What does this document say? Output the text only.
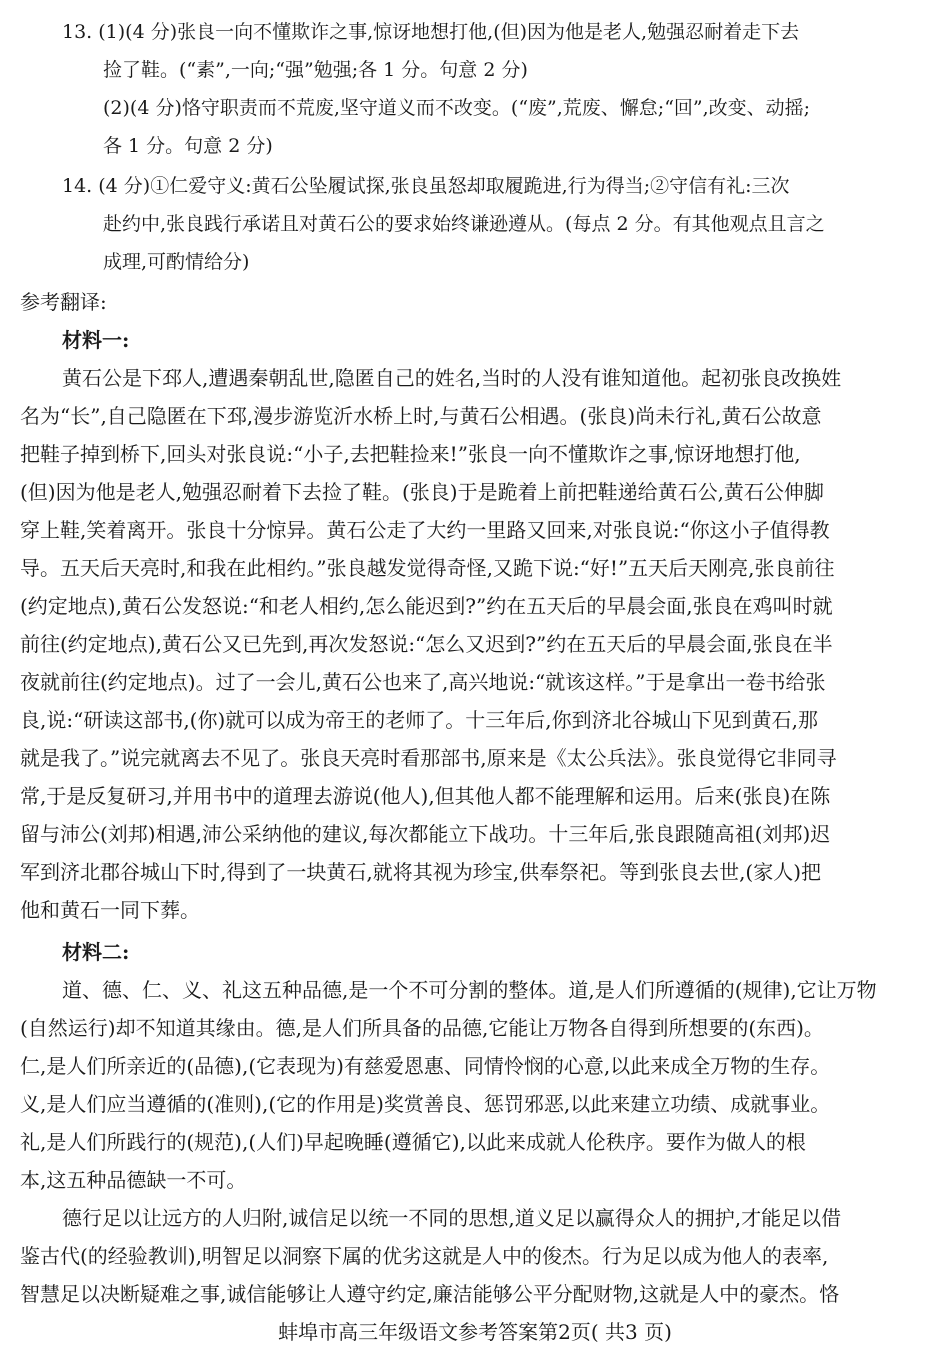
13. (1)(4 分)张良一向不懂欺诈之事,惊讶地想打他,(但)因为他是老人,勉强忍耐着走下去
捡了鞋。(“素”,一向;“强”勉强;各 1 分。句意 2 分)
(2)(4 分)恪守职责而不荒废,坚守道义而不改变。(“废”,荒废、懈怠;“回”,改变、动摇;
各 1 分。句意 2 分)
14. (4 分)①仁爱守义:黄石公坠履试探,张良虽怒却取履跪进,行为得当;②守信有礼:三次
赴约中,张良践行承诺且对黄石公的要求始终谦逊遵从。(每点 2 分。有其他观点且言之
成理,可酌情给分)
参考翻译:
材料一:
黄石公是下邳人,遭遇秦朝乱世,隐匿自己的姓名,当时的人没有谁知道他。起初张良改换姓
名为“长”,自己隐匿在下邳,漫步游览沂水桥上时,与黄石公相遇。(张良)尚未行礼,黄石公故意
把鞋子掉到桥下,回头对张良说:“小子,去把鞋捡来!”张良一向不懂欺诈之事,惊讶地想打他,
(但)因为他是老人,勉强忍耐着下去捡了鞋。(张良)于是跪着上前把鞋递给黄石公,黄石公伸脚
穿上鞋,笑着离开。张良十分惊异。黄石公走了大约一里路又回来,对张良说:“你这小子值得教
导。五天后天亮时,和我在此相约。”张良越发觉得奇怪,又跪下说:“好!”五天后天刚亮,张良前往
(约定地点),黄石公发怒说:“和老人相约,怎么能迟到?”约在五天后的早晨会面,张良在鸡叫时就
前往(约定地点),黄石公又已先到,再次发怒说:“怎么又迟到?”约在五天后的早晨会面,张良在半
夜就前往(约定地点)。过了一会儿,黄石公也来了,高兴地说:“就该这样。”于是拿出一卷书给张
良,说:“研读这部书,(你)就可以成为帝王的老师了。十三年后,你到济北谷城山下见到黄石,那
就是我了。”说完就离去不见了。张良天亮时看那部书,原来是《太公兵法》。张良觉得它非同寻
常,于是反复研习,并用书中的道理去游说(他人),但其他人都不能理解和运用。后来(张良)在陈
留与沛公(刘邦)相遇,沛公采纳他的建议,每次都能立下战功。十三年后,张良跟随高祖(刘邦)迟
军到济北郡谷城山下时,得到了一块黄石,就将其视为珍宝,供奉祭祀。等到张良去世,(家人)把
他和黄石一同下葬。
材料二:
道、德、仁、义、礼这五种品德,是一个不可分割的整体。道,是人们所遵循的(规律),它让万物
(自然运行)却不知道其缘由。德,是人们所具备的品德,它能让万物各自得到所想要的(东西)。
仁,是人们所亲近的(品德),(它表现为)有慈爱恩惠、同情怜悯的心意,以此来成全万物的生存。
义,是人们应当遵循的(准则),(它的作用是)奖赏善良、惩罚邪恶,以此来建立功绩、成就事业。
礼,是人们所践行的(规范),(人们)早起晚睡(遵循它),以此来成就人伦秩序。要作为做人的根
本,这五种品德缺一不可。
德行足以让远方的人归附,诚信足以统一不同的思想,道义足以赢得众人的拥护,才能足以借
鉴古代(的经验教训),明智足以洞察下属的优劣这就是人中的俊杰。行为足以成为他人的表率,
智慧足以决断疑难之事,诚信能够让人遵守约定,廉洁能够公平分配财物,这就是人中的豪杰。恪
蚌埠市高三年级语文参考答案第2页( 共3 页)
